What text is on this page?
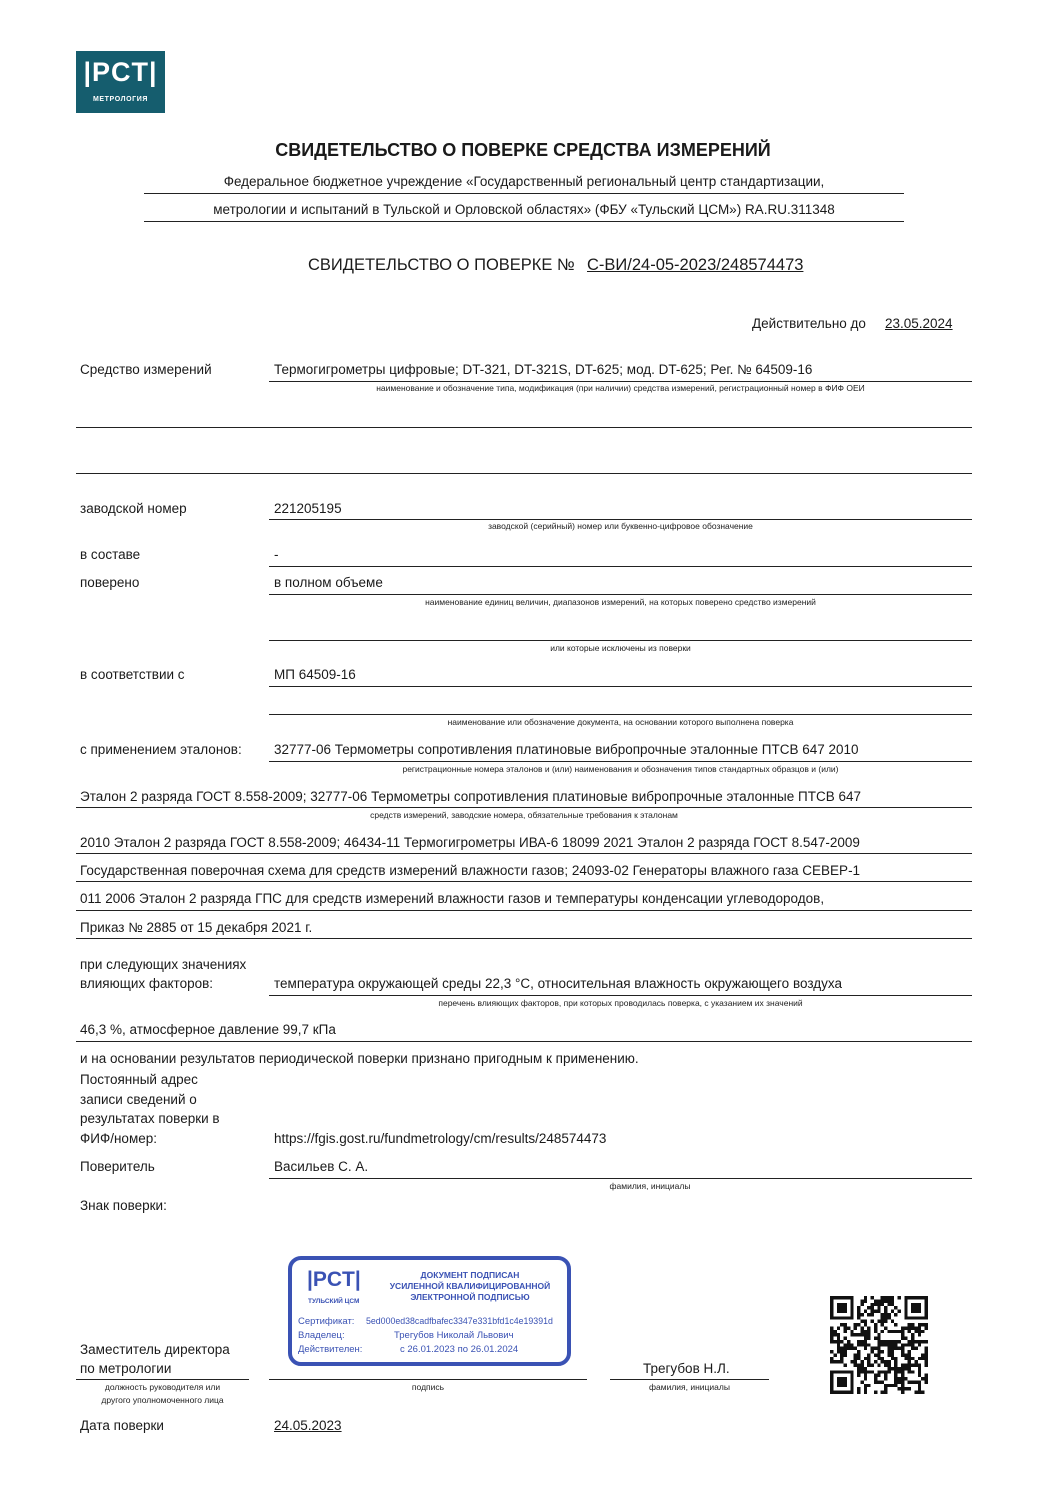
|PCT|
МЕТРОЛОГИЯ
СВИДЕТЕЛЬСТВО О ПОВЕРКЕ СРЕДСТВА ИЗМЕРЕНИЙ
Федеральное бюджетное учреждение «Государственный региональный центр стандартизации,
метрологии и испытаний в Тульской и Орловской областях» (ФБУ «Тульский ЦСМ») RA.RU.311348
СВИДЕТЕЛЬСТВО О ПОВЕРКЕ № С-ВИ/24-05-2023/248574473
Действительно до 23.05.2024
Средство измерений	Термогигрометры цифровые; DT-321, DT-321S, DT-625; мод. DT-625; Рег. № 64509-16
наименование и обозначение типа, модификация (при наличии) средства измерений, регистрационный номер в ФИФ ОЕИ
заводской номер	221205195
заводской (серийный) номер или буквенно-цифровое обозначение
в составе	-
поверено	в полном объеме
наименование единиц величин, диапазонов измерений, на которых поверено средство измерений
или которые исключены из поверки
в соответствии с	МП 64509-16
наименование или обозначение документа, на основании которого выполнена поверка
с применением эталонов: 32777-06 Термометры сопротивления платиновые вибропрочные эталонные ПТСВ 647 2010
регистрационные номера эталонов и (или) наименования и обозначения типов стандартных образцов и (или)
Эталон 2 разряда ГОСТ 8.558-2009; 32777-06 Термометры сопротивления платиновые вибропрочные эталонные ПТСВ 647
средств измерений, заводские номера, обязательные требования к эталонам
2010 Эталон 2 разряда ГОСТ 8.558-2009; 46434-11 Термогигрометры ИВА-6 18099 2021 Эталон 2 разряда ГОСТ 8.547-2009
Государственная поверочная схема для средств измерений влажности газов; 24093-02 Генераторы влажного газа СЕВЕР-1
011 2006 Эталон 2 разряда ГПС для средств измерений влажности газов и температуры конденсации углеводородов,
Приказ № 2885 от 15 декабря 2021 г.
при следующих значениях
влияющих факторов:	температура окружающей среды 22,3 °С, относительная влажность окружающего воздуха
перечень влияющих факторов, при которых проводилась поверка, с указанием их значений
46,3 %, атмосферное давление 99,7 кПа
и на основании результатов периодической поверки признано пригодным к применению.
Постоянный адрес
записи сведений о
результатах поверки в
ФИФ/номер:	https://fgis.gost.ru/fundmetrology/cm/results/248574473
Поверитель	Васильев С. А.
фамилия, инициалы
Знак поверки:
|PCT|
ТУЛЬСКИЙ ЦСМ
ДОКУМЕНТ ПОДПИСАН
УСИЛЕННОЙ КВАЛИФИЦИРОВАННОЙ
ЭЛЕКТРОННОЙ ПОДПИСЬЮ
Сертификат: 5ed000ed38cadfbafec3347e331bfd1c4e19391d
Владелец:	Трегубов Николай Львович
Действителен:	с 26.01.2023 по 26.01.2024
Заместитель директора
по метрологии
должность руководителя или
другого уполномоченного лица
подпись
Трегубов Н.Л.
фамилия, инициалы
Дата поверки	24.05.2023
